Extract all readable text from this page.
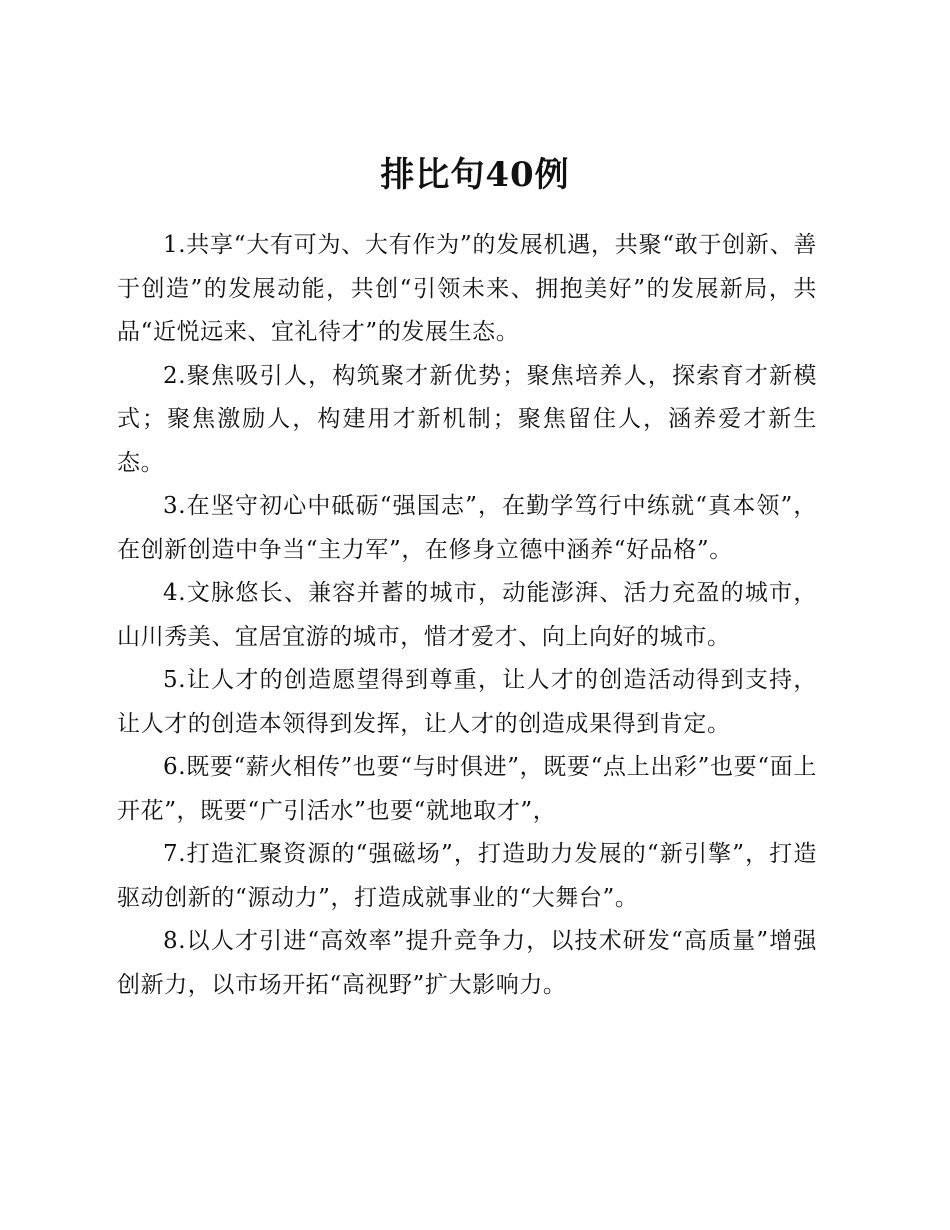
排比句40例

1.共享“大有可为、大有作为”的发展机遇，共聚“敢于创新、善于创造”的发展动能，共创“引领未来、拥抱美好”的发展新局，共品“近悦远来、宜礼待才”的发展生态。

2.聚焦吸引人，构筑聚才新优势；聚焦培养人，探索育才新模式；聚焦激励人，构建用才新机制；聚焦留住人，涵养爱才新生态。

3.在坚守初心中砥砺“强国志”，在勤学笃行中练就“真本领”，在创新创造中争当“主力军”，在修身立德中涵养“好品格”。

4.文脉悠长、兼容并蓄的城市，动能澎湃、活力充盈的城市，山川秀美、宜居宜游的城市，惜才爱才、向上向好的城市。

5.让人才的创造愿望得到尊重，让人才的创造活动得到支持，让人才的创造本领得到发挥，让人才的创造成果得到肯定。

6.既要“薪火相传”也要“与时俱进”，既要“点上出彩”也要“面上开花”，既要“广引活水”也要“就地取才”，

7.打造汇聚资源的“强磁场”，打造助力发展的“新引擎”，打造驱动创新的“源动力”，打造成就事业的“大舞台”。

8.以人才引进“高效率”提升竞争力，以技术研发“高质量”增强创新力，以市场开拓“高视野”扩大影响力。
